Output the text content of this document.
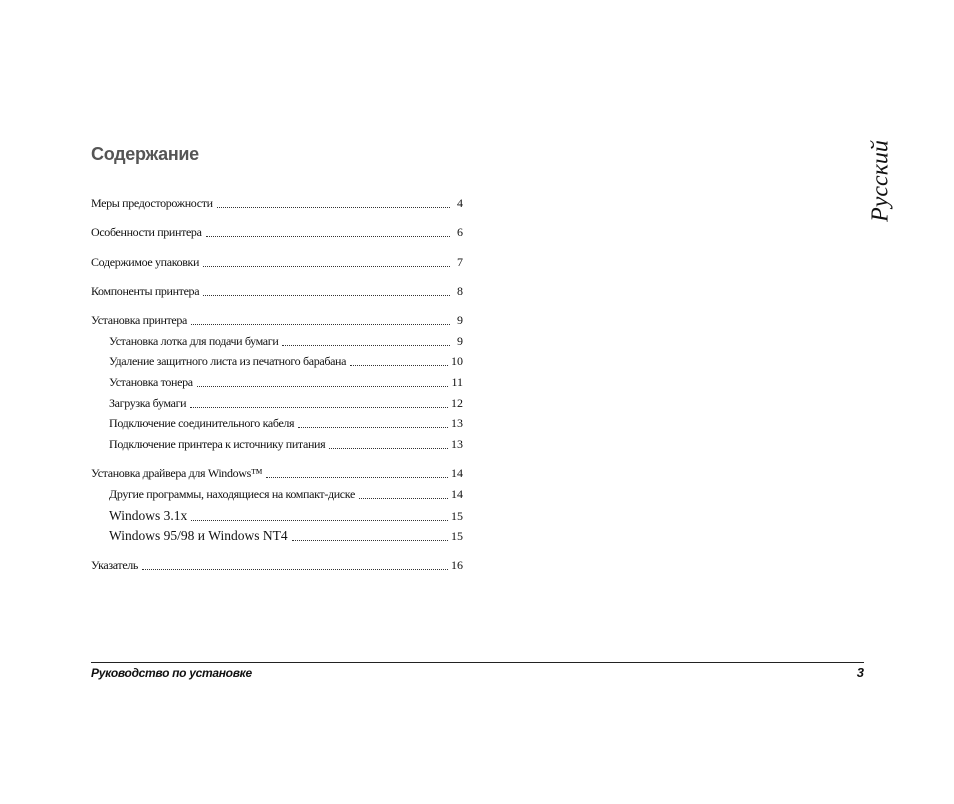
Содержание	Русский
Меры предосторожности	4
Особенности принтера	6
Содержимое упаковки	7
Компоненты принтера	8
Установка принтера	9
Установка лотка для подачи бумаги	9
Удаление защитного листа из печатного барабана	10
Установка тонера	11
Загрузка бумаги	12
Подключение соединительного кабеля	13
Подключение принтера к источнику питания	13
Установка драйвера для Windows™	14
Другие программы, находящиеся на компакт-диске	14
Windows 3.1x	15
Windows 95/98 и Windows NT4	15
Указатель	16
Руководство по установке	3
